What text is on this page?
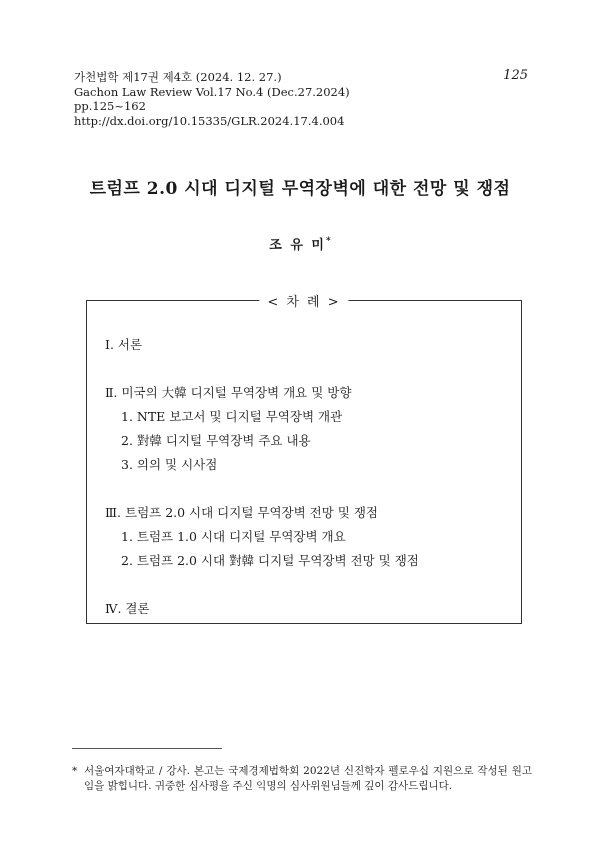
가천법학 제17권 제4호 (2024. 12. 27.)
Gachon Law Review Vol.17 No.4 (Dec.27.2024)
pp.125~162
http://dx.doi.org/10.15335/GLR.2024.17.4.004
125
트럼프 2.0 시대 디지털 무역장벽에 대한 전망 및 쟁점
조 유 미*
< 차 례 >
Ⅰ. 서론
Ⅱ. 미국의 大韓 디지털 무역장벽 개요 및 방향
1. NTE 보고서 및 디지털 무역장벽 개관
2. 對韓 디지털 무역장벽 주요 내용
3. 의의 및 시사점
Ⅲ. 트럼프 2.0 시대 디지털 무역장벽 전망 및 쟁점
1. 트럼프 1.0 시대 디지털 무역장벽 개요
2. 트럼프 2.0 시대 對韓 디지털 무역장벽 전망 및 쟁점
Ⅳ. 결론
* 서울여자대학교 / 강사. 본고는 국제경제법학회 2022년 신진학자 펠로우십 지원으로 작성된 원고임을 밝힙니다. 귀중한 심사평을 주신 익명의 심사위원님들께 깊이 감사드립니다.
